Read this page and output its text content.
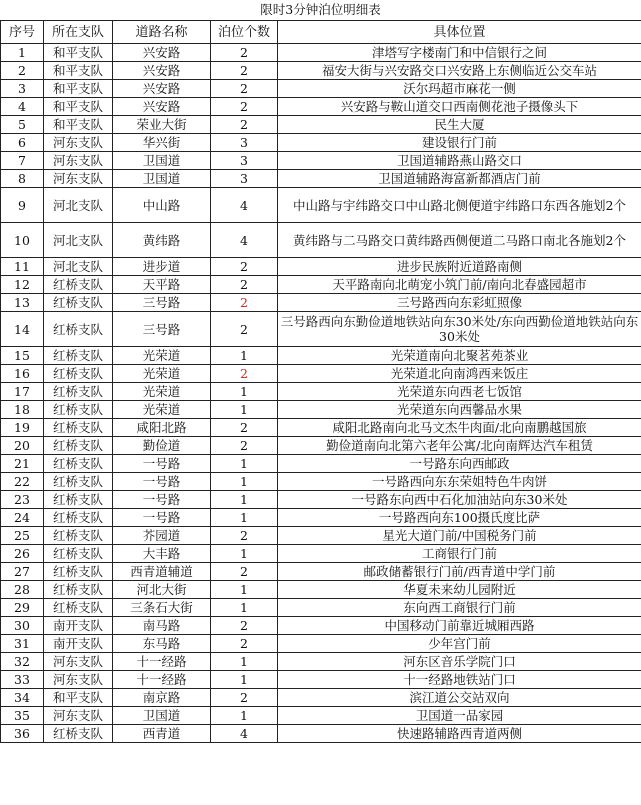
限时3分钟泊位明细表
序号	所在支队	道路名称	泊位个数	具体位置
1	和平支队	兴安路	2	津塔写字楼南门和中信银行之间
2	和平支队	兴安路	2	福安大街与兴安路交口兴安路上东侧临近公交车站
3	和平支队	兴安路	2	沃尔玛超市麻花一侧
4	和平支队	兴安路	2	兴安路与鞍山道交口西南侧花池子摄像头下
5	和平支队	荣业大街	2	民生大厦
6	河东支队	华兴街	3	建设银行门前
7	河东支队	卫国道	3	卫国道辅路燕山路交口
8	河东支队	卫国道	3	卫国道辅路海富新都酒店门前
9	河北支队	中山路	4	中山路与宇纬路交口中山路北侧便道宇纬路口东西各施划2个
10	河北支队	黄纬路	4	黄纬路与二马路交口黄纬路西侧便道二马路口南北各施划2个
11	河北支队	进步道	2	进步民族附近道路南侧
12	红桥支队	天平路	2	天平路南向北萌宠小筑门前/南向北春盛园超市
13	红桥支队	三号路	2	三号路西向东彩虹照像
14	红桥支队	三号路	2	三号路西向东勤俭道地铁站向东30米处/东向西勤俭道地铁站向东30米处
15	红桥支队	光荣道	1	光荣道南向北聚茗苑茶业
16	红桥支队	光荣道	2	光荣道北向南鸿西来饭庄
17	红桥支队	光荣道	1	光荣道东向西老七饭馆
18	红桥支队	光荣道	1	光荣道东向西馨品水果
19	红桥支队	咸阳北路	2	咸阳北路南向北马文杰牛肉面/北向南鹏越国旅
20	红桥支队	勤俭道	2	勤俭道南向北第六老年公寓/北向南辉达汽车租赁
21	红桥支队	一号路	1	一号路东向西邮政
22	红桥支队	一号路	1	一号路西向东东荣姐特色牛肉饼
23	红桥支队	一号路	1	一号路东向西中石化加油站向东30米处
24	红桥支队	一号路	1	一号路西向东100摄氏度比萨
25	红桥支队	芥园道	2	星光大道门前/中国税务门前
26	红桥支队	大丰路	1	工商银行门前
27	红桥支队	西青道辅道	2	邮政储蓄银行门前/西青道中学门前
28	红桥支队	河北大街	1	华夏未来幼儿园附近
29	红桥支队	三条石大街	1	东向西工商银行门前
30	南开支队	南马路	2	中国移动门前靠近城厢西路
31	南开支队	东马路	2	少年宫门前
32	河东支队	十一经路	1	河东区音乐学院门口
33	河东支队	十一经路	1	十一经路地铁站门口
34	和平支队	南京路	2	滨江道公交站双向
35	河东支队	卫国道	1	卫国道一品家园
36	红桥支队	西青道	4	快速路辅路西青道两侧
